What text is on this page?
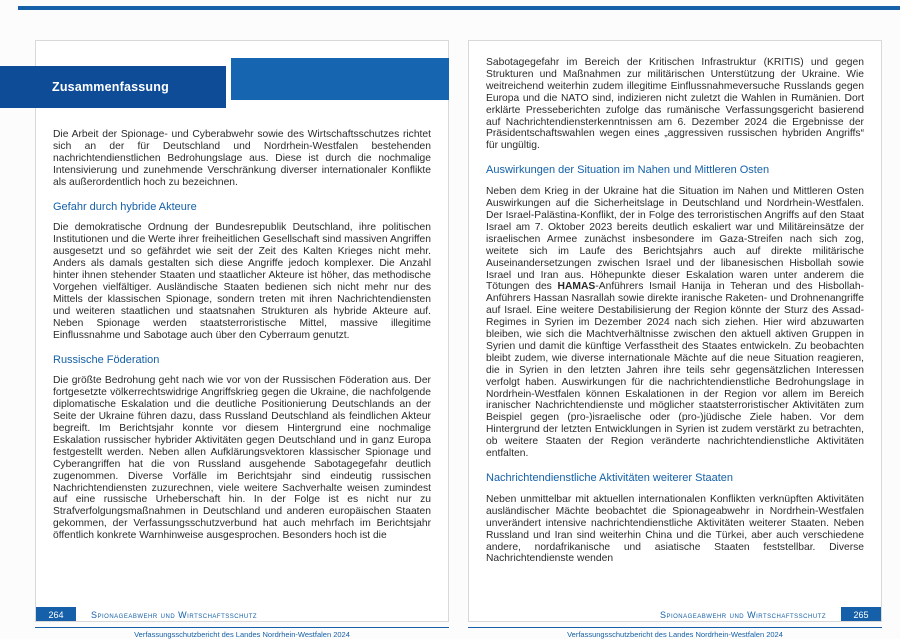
Die Arbeit der Spionage- und Cyberabwehr sowie des Wirtschaftsschutzes richtet sich an der für Deutschland und Nordrhein-Westfalen bestehenden nachrichtendienstlichen Bedrohungslage aus. Diese ist durch die nochmalige Intensivierung und zunehmende Verschränkung diverser internationaler Konflikte als außerordentlich hoch zu bezeichnen.

Gefahr durch hybride Akteure

Die demokratische Ordnung der Bundesrepublik Deutschland, ihre politischen Institutionen und die Werte ihrer freiheitlichen Gesellschaft sind massiven Angriffen ausgesetzt und so gefährdet wie seit der Zeit des Kalten Krieges nicht mehr. Anders als damals gestalten sich diese Angriffe jedoch komplexer. Die Anzahl hinter ihnen stehender Staaten und staatlicher Akteure ist höher, das methodische Vorgehen vielfältiger. Ausländische Staaten bedienen sich nicht mehr nur des Mittels der klassischen Spionage, sondern treten mit ihren Nachrichtendiensten und weiteren staatlichen und staatsnahen Strukturen als hybride Akteure auf. Neben Spionage werden staatsterroristische Mittel, massive illegitime Einflussnahme und Sabotage auch über den Cyberraum genutzt.

Russische Föderation

Die größte Bedrohung geht nach wie vor von der Russischen Föderation aus. Der fortgesetzte völkerrechtswidrige Angriffskrieg gegen die Ukraine, die nachfolgende diplomatische Eskalation und die deutliche Positionierung Deutschlands an der Seite der Ukraine führen dazu, dass Russland Deutschland als feindlichen Akteur begreift. Im Berichtsjahr konnte vor diesem Hintergrund eine nochmalige Eskalation russischer hybrider Aktivitäten gegen Deutschland und in ganz Europa festgestellt werden. Neben allen Aufklärungsvektoren klassischer Spionage und Cyberangriffen hat die von Russland ausgehende Sabotagegefahr deutlich zugenommen. Diverse Vorfälle im Berichtsjahr sind eindeutig russischen Nachrichtendiensten zuzurechnen, viele weitere Sachverhalte weisen zumindest auf eine russische Urheberschaft hin. In der Folge ist es nicht nur zu Strafverfolgungsmaßnahmen in Deutschland und anderen europäischen Staaten gekommen, der Verfassungsschutzverbund hat auch mehrfach im Berichtsjahr öffentlich konkrete Warnhinweise ausgesprochen. Besonders hoch ist die

264	Spionageabwehr und Wirtschaftsschutz
Zusammenfassung

Sabotagegefahr im Bereich der Kritischen Infrastruktur (KRITIS) und gegen Strukturen und Maßnahmen zur militärischen Unterstützung der Ukraine. Wie weitreichend weiterhin zudem illegitime Einflussnahmeversuche Russlands gegen Europa und die NATO sind, indizieren nicht zuletzt die Wahlen in Rumänien. Dort erklärte Presseberichten zufolge das rumänische Verfassungsgericht basierend auf Nachrichtendiensterkenntnissen am 6. Dezember 2024 die Ergebnisse der Präsidentschaftswahlen wegen eines „aggressiven russischen hybriden Angriffs“ für ungültig.

Auswirkungen der Situation im Nahen und Mittleren Osten

Neben dem Krieg in der Ukraine hat die Situation im Nahen und Mittleren Osten Auswirkungen auf die Sicherheitslage in Deutschland und Nordrhein-Westfalen. Der Israel-Palästina-Konflikt, der in Folge des terroristischen Angriffs auf den Staat Israel am 7. Oktober 2023 bereits deutlich eskaliert war und Militäreinsätze der israelischen Armee zunächst insbesondere im Gaza-Streifen nach sich zog, weitete sich im Laufe des Berichtsjahrs auch auf direkte militärische Auseinandersetzungen zwischen Israel und der libanesischen Hisbollah sowie Israel und Iran aus. Höhepunkte dieser Eskalation waren unter anderem die Tötungen des HAMAS-Anführers Ismail Hanija in Teheran und des Hisbollah-Anführers Hassan Nasrallah sowie direkte iranische Raketen- und Drohnenangriffe auf Israel. Eine weitere Destabilisierung der Region könnte der Sturz des Assad-Regimes in Syrien im Dezember 2024 nach sich ziehen. Hier wird abzuwarten bleiben, wie sich die Machtverhältnisse zwischen den aktuell aktiven Gruppen in Syrien und damit die künftige Verfasstheit des Staates entwickeln. Zu beobachten bleibt zudem, wie diverse internationale Mächte auf die neue Situation reagieren, die in Syrien in den letzten Jahren ihre teils sehr gegensätzlichen Interessen verfolgt haben. Auswirkungen für die nachrichtendienstliche Bedrohungslage in Nordrhein-Westfalen können Eskalationen in der Region vor allem im Bereich iranischer Nachrichtendienste und möglicher staatsterroristischer Aktivitäten zum Beispiel gegen (pro-)israelische oder (pro-)jüdische Ziele haben. Vor dem Hintergrund der letzten Entwicklungen in Syrien ist zudem verstärkt zu betrachten, ob weitere Staaten der Region veränderte nachrichtendienstliche Aktivitäten entfalten.

Nachrichtendienstliche Aktivitäten weiterer Staaten

Neben unmittelbar mit aktuellen internationalen Konflikten verknüpften Aktivitäten ausländischer Mächte beobachtet die Spionageabwehr in Nordrhein-Westfalen unverändert intensive nachrichtendienstliche Aktivitäten weiterer Staaten. Neben Russland und Iran sind weiterhin China und die Türkei, aber auch verschiedene andere, nordafrikanische und asiatische Staaten feststellbar. Diverse Nachrichtendienste wenden

Spionageabwehr und Wirtschaftsschutz	265
Verfassungsschutzbericht des Landes Nordrhein-Westfalen 2024	Verfassungsschutzbericht des Landes Nordrhein-Westfalen 2024
